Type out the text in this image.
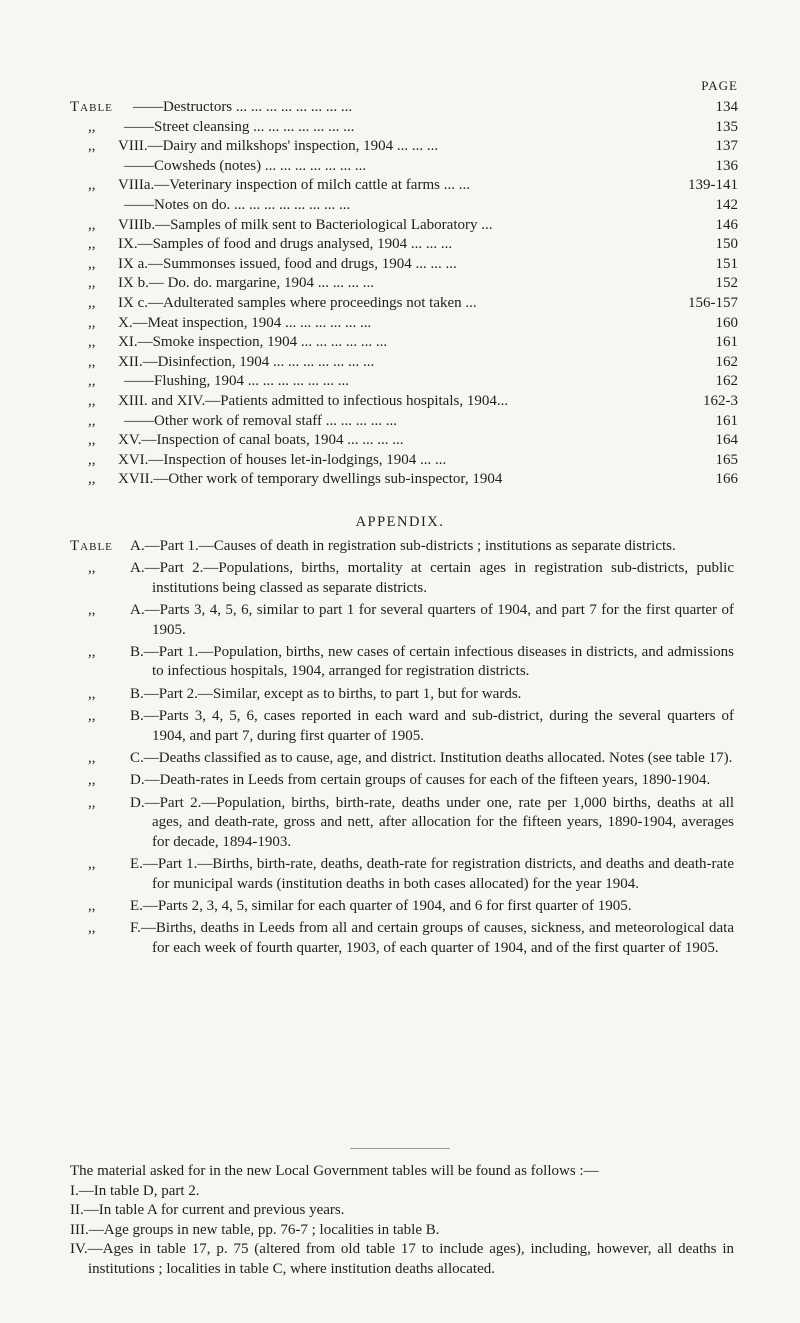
PAGE
Table ——Destructors ... ... ... ... ... ... ... ...	134
,, ——Street cleansing ... ... ... ... ... ... ...	135
,, VIII.—Dairy and milkshops' inspection, 1904 ... ... ...	137
——Cowsheds (notes) ... ... ... ... ... ... ...	136
,, VIIIa.—Veterinary inspection of milch cattle at farms ... ...	139-141
——Notes on do. ... ... ... ... ... ... ... ...	142
,, VIIIb.—Samples of milk sent to Bacteriological Laboratory ...	146
,, IX.—Samples of food and drugs analysed, 1904 ... ... ...	150
,, IX a.—Summonses issued, food and drugs, 1904 ... ... ...	151
,, IX b.— Do. do. margarine, 1904 ... ... ... ...	152
,, IX c.—Adulterated samples where proceedings not taken ...	156-157
,, X.—Meat inspection, 1904 ... ... ... ... ... ...	160
,, XI.—Smoke inspection, 1904 ... ... ... ... ... ...	161
,, XII.—Disinfection, 1904 ... ... ... ... ... ... ...	162
,, ——Flushing, 1904 ... ... ... ... ... ... ...	162
,, XIII. and XIV.—Patients admitted to infectious hospitals, 1904...	162-3
,, ——Other work of removal staff ... ... ... ... ...	161
,, XV.—Inspection of canal boats, 1904 ... ... ... ...	164
,, XVI.—Inspection of houses let-in-lodgings, 1904 ... ...	165
,, XVII.—Other work of temporary dwellings sub-inspector, 1904	166
APPENDIX.
Table A.—Part 1.—Causes of death in registration sub-districts ; institutions as separate districts.
,, A.—Part 2.—Populations, births, mortality at certain ages in registration sub-districts, public institutions being classed as separate districts.
,, A.—Parts 3, 4, 5, 6, similar to part 1 for several quarters of 1904, and part 7 for the first quarter of 1905.
,, B.—Part 1.—Population, births, new cases of certain infectious diseases in districts, and admissions to infectious hospitals, 1904, arranged for registration districts.
,, B.—Part 2.—Similar, except as to births, to part 1, but for wards.
,, B.—Parts 3, 4, 5, 6, cases reported in each ward and sub-district, during the several quarters of 1904, and part 7, during first quarter of 1905.
,, C.—Deaths classified as to cause, age, and district. Institution deaths allocated. Notes (see table 17).
,, D.—Death-rates in Leeds from certain groups of causes for each of the fifteen years, 1890-1904.
,, D.—Part 2.—Population, births, birth-rate, deaths under one, rate per 1,000 births, deaths at all ages, and death-rate, gross and nett, after allocation for the fifteen years, 1890-1904, averages for decade, 1894-1903.
,, E.—Part 1.—Births, birth-rate, deaths, death-rate for registration districts, and deaths and death-rate for municipal wards (institution deaths in both cases allocated) for the year 1904.
,, E.—Parts 2, 3, 4, 5, similar for each quarter of 1904, and 6 for first quarter of 1905.
,, F.—Births, deaths in Leeds from all and certain groups of causes, sickness, and meteorological data for each week of fourth quarter, 1903, of each quarter of 1904, and of the first quarter of 1905.
The material asked for in the new Local Government tables will be found as follows :—
I.—In table D, part 2.
II.—In table A for current and previous years.
III.—Age groups in new table, pp. 76-7 ; localities in table B.
IV.—Ages in table 17, p. 75 (altered from old table 17 to include ages), including, however, all deaths in institutions ; localities in table C, where institution deaths allocated.
